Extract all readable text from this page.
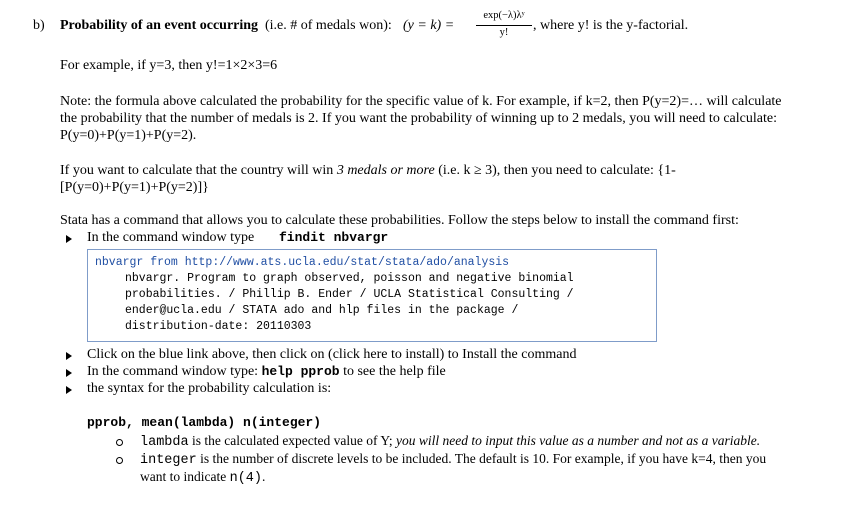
b) Probability of an event occurring (i.e. # of medals won): (y = k) =
exp(−λ)λʸ
y!	, where y! is the y-factorial.
For example, if y=3, then y!=1×2×3=6
Note: the formula above calculated the probability for the specific value of k. For example, if k=2, then P(y=2)=… will calculate
the probability that the number of medals is 2. If you want the probability of winning up to 2 medals, you will need to calculate:
P(y=0)+P(y=1)+P(y=2).
If you want to calculate that the country will win 3 medals or more (i.e. k ≥ 3), then you need to calculate: {1-
[P(y=0)+P(y=1)+P(y=2)]}
Stata has a command that allows you to calculate these probabilities. Follow the steps below to install the command first:
In the command window type findit nbvargr
nbvargr from http://www.ats.ucla.edu/stat/stata/ado/analysis
nbvargr. Program to graph observed, poisson and negative binomial
probabilities. / Phillip B. Ender / UCLA Statistical Consulting /
ender@ucla.edu / STATA ado and hlp files in the package /
distribution-date: 20110303
Click on the blue link above, then click on (click here to install) to Install the command
In the command window type: help pprob to see the help file
the syntax for the probability calculation is:
pprob, mean(lambda) n(integer)
lambda is the calculated expected value of Y; you will need to input this value as a number and not as a variable.
integer is the number of discrete levels to be included. The default is 10. For example, if you have k=4, then you
want to indicate n(4).
